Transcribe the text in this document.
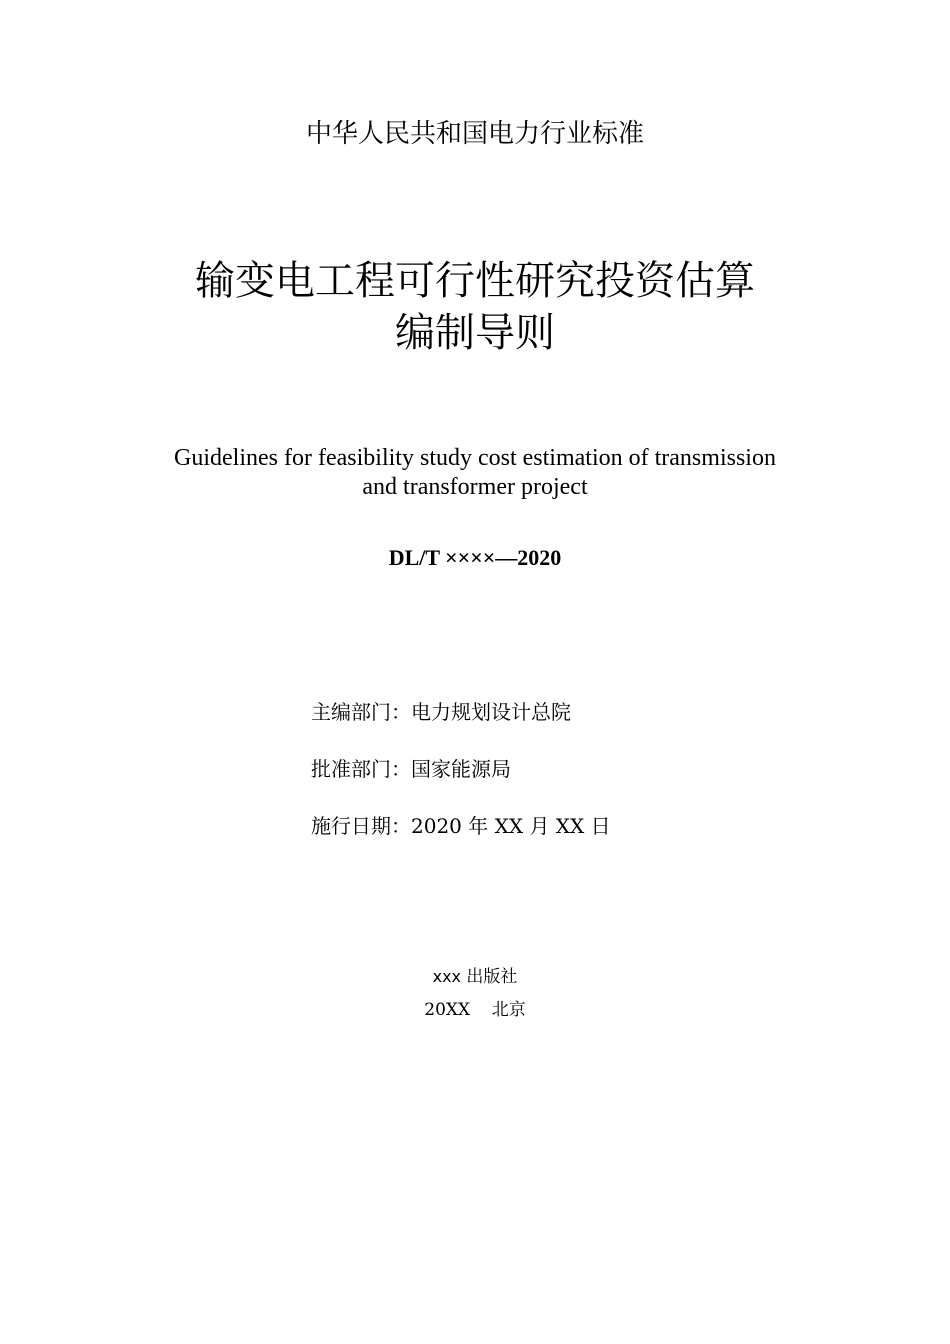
中华人民共和国电力行业标准
输变电工程可行性研究投资估算
编制导则
Guidelines for feasibility study cost estimation of transmission
and transformer project
DL/T ××××—2020
主编部门：电力规划设计总院
批准部门：国家能源局
施行日期：2020 年 XX 月 XX 日
xxx 出版社
20XX    北京
